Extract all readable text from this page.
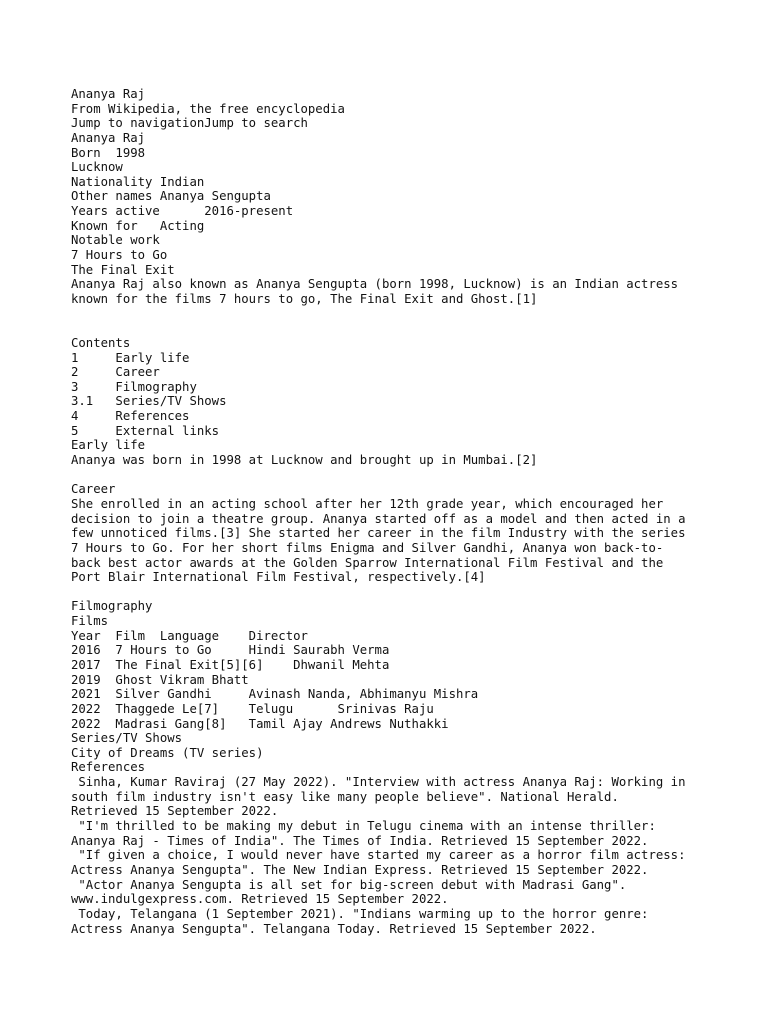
Ananya Raj
From Wikipedia, the free encyclopedia
Jump to navigationJump to search
Ananya Raj
Born  1998
Lucknow
Nationality Indian
Other names Ananya Sengupta
Years active      2016-present
Known for   Acting
Notable work
7 Hours to Go
The Final Exit
Ananya Raj also known as Ananya Sengupta (born 1998, Lucknow) is an Indian actress
known for the films 7 hours to go, The Final Exit and Ghost.[1]
Contents
1     Early life
2     Career
3     Filmography
3.1   Series/TV Shows
4     References
5     External links
Early life
Ananya was born in 1998 at Lucknow and brought up in Mumbai.[2]
Career
She enrolled in an acting school after her 12th grade year, which encouraged her
decision to join a theatre group. Ananya started off as a model and then acted in a
few unnoticed films.[3] She started her career in the film Industry with the series
7 Hours to Go. For her short films Enigma and Silver Gandhi, Ananya won back-to-
back best actor awards at the Golden Sparrow International Film Festival and the
Port Blair International Film Festival, respectively.[4]
Filmography
Films
Year  Film  Language    Director
2016  7 Hours to Go     Hindi Saurabh Verma
2017  The Final Exit[5][6]    Dhwanil Mehta
2019  Ghost Vikram Bhatt
2021  Silver Gandhi     Avinash Nanda, Abhimanyu Mishra
2022  Thaggede Le[7]    Telugu      Srinivas Raju
2022  Madrasi Gang[8]   Tamil Ajay Andrews Nuthakki
Series/TV Shows
City of Dreams (TV series)
References
Sinha, Kumar Raviraj (27 May 2022). "Interview with actress Ananya Raj: Working in
south film industry isn't easy like many people believe". National Herald.
Retrieved 15 September 2022.
"I'm thrilled to be making my debut in Telugu cinema with an intense thriller:
Ananya Raj - Times of India". The Times of India. Retrieved 15 September 2022.
"If given a choice, I would never have started my career as a horror film actress:
Actress Ananya Sengupta". The New Indian Express. Retrieved 15 September 2022.
"Actor Ananya Sengupta is all set for big-screen debut with Madrasi Gang".
www.indulgexpress.com. Retrieved 15 September 2022.
Today, Telangana (1 September 2021). "Indians warming up to the horror genre:
Actress Ananya Sengupta". Telangana Today. Retrieved 15 September 2022.
